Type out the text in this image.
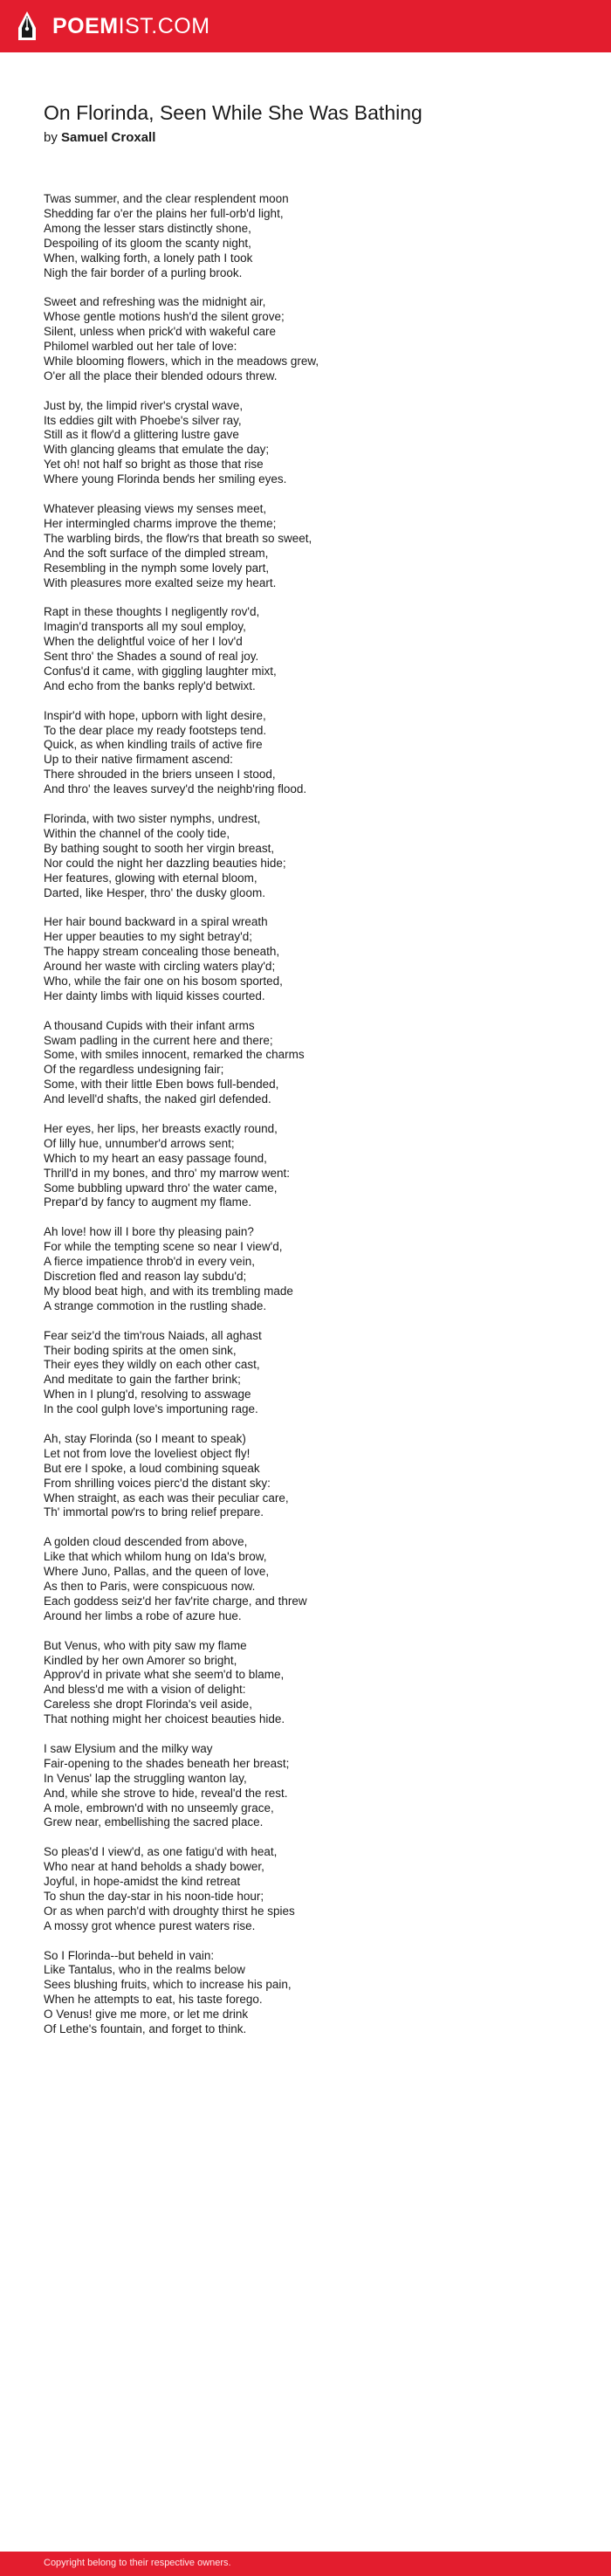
POEMIST.COM
On Florinda, Seen While She Was Bathing
by Samuel Croxall
Twas summer, and the clear resplendent moon
Shedding far o'er the plains her full-orb'd light,
Among the lesser stars distinctly shone,
Despoiling of its gloom the scanty night,
When, walking forth, a lonely path I took
Nigh the fair border of a purling brook.
Sweet and refreshing was the midnight air,
Whose gentle motions hush'd the silent grove;
Silent, unless when prick'd with wakeful care
Philomel warbled out her tale of love:
While blooming flowers, which in the meadows grew,
O'er all the place their blended odours threw.
Just by, the limpid river's crystal wave,
Its eddies gilt with Phoebe's silver ray,
Still as it flow'd a glittering lustre gave
With glancing gleams that emulate the day;
Yet oh! not half so bright as those that rise
Where young Florinda bends her smiling eyes.
Whatever pleasing views my senses meet,
Her intermingled charms improve the theme;
The warbling birds, the flow'rs that breath so sweet,
And the soft surface of the dimpled stream,
Resembling in the nymph some lovely part,
With pleasures more exalted seize my heart.
Rapt in these thoughts I negligently rov'd,
Imagin'd transports all my soul employ,
When the delightful voice of her I lov'd
Sent thro' the Shades a sound of real joy.
Confus'd it came, with giggling laughter mixt,
And echo from the banks reply'd betwixt.
Inspir'd with hope, upborn with light desire,
To the dear place my ready footsteps tend.
Quick, as when kindling trails of active fire
Up to their native firmament ascend:
There shrouded in the briers unseen I stood,
And thro' the leaves survey'd the neighb'ring flood.
Florinda, with two sister nymphs, undrest,
Within the channel of the cooly tide,
By bathing sought to sooth her virgin breast,
Nor could the night her dazzling beauties hide;
Her features, glowing with eternal bloom,
Darted, like Hesper, thro' the dusky gloom.
Her hair bound backward in a spiral wreath
Her upper beauties to my sight betray'd;
The happy stream concealing those beneath,
Around her waste with circling waters play'd;
Who, while the fair one on his bosom sported,
Her dainty limbs with liquid kisses courted.
A thousand Cupids with their infant arms
Swam padling in the current here and there;
Some, with smiles innocent, remarked the charms
Of the regardless undesigning fair;
Some, with their little Eben bows full-bended,
And levell'd shafts, the naked girl defended.
Her eyes, her lips, her breasts exactly round,
Of lilly hue, unnumber'd arrows sent;
Which to my heart an easy passage found,
Thrill'd in my bones, and thro' my marrow went:
Some bubbling upward thro' the water came,
Prepar'd by fancy to augment my flame.
Ah love! how ill I bore thy pleasing pain?
For while the tempting scene so near I view'd,
A fierce impatience throb'd in every vein,
Discretion fled and reason lay subdu'd;
My blood beat high, and with its trembling made
A strange commotion in the rustling shade.
Fear seiz'd the tim'rous Naiads, all aghast
Their boding spirits at the omen sink,
Their eyes they wildly on each other cast,
And meditate to gain the farther brink;
When in I plung'd, resolving to asswage
In the cool gulph love's importuning rage.
Ah, stay Florinda (so I meant to speak)
Let not from love the loveliest object fly!
But ere I spoke, a loud combining squeak
From shrilling voices pierc'd the distant sky:
When straight, as each was their peculiar care,
Th' immortal pow'rs to bring relief prepare.
A golden cloud descended from above,
Like that which whilom hung on Ida's brow,
Where Juno, Pallas, and the queen of love,
As then to Paris, were conspicuous now.
Each goddess seiz'd her fav'rite charge, and threw
Around her limbs a robe of azure hue.
But Venus, who with pity saw my flame
Kindled by her own Amorer so bright,
Approv'd in private what she seem'd to blame,
And bless'd me with a vision of delight:
Careless she dropt Florinda's veil aside,
That nothing might her choicest beauties hide.
I saw Elysium and the milky way
Fair-opening to the shades beneath her breast;
In Venus' lap the struggling wanton lay,
And, while she strove to hide, reveal'd the rest.
A mole, embrown'd with no unseemly grace,
Grew near, embellishing the sacred place.
So pleas'd I view'd, as one fatigu'd with heat,
Who near at hand beholds a shady bower,
Joyful, in hope-amidst the kind retreat
To shun the day-star in his noon-tide hour;
Or as when parch'd with droughty thirst he spies
A mossy grot whence purest waters rise.
So I Florinda--but beheld in vain:
Like Tantalus, who in the realms below
Sees blushing fruits, which to increase his pain,
When he attempts to eat, his taste forego.
O Venus! give me more, or let me drink
Of Lethe's fountain, and forget to think.
Copyright belong to their respective owners.
